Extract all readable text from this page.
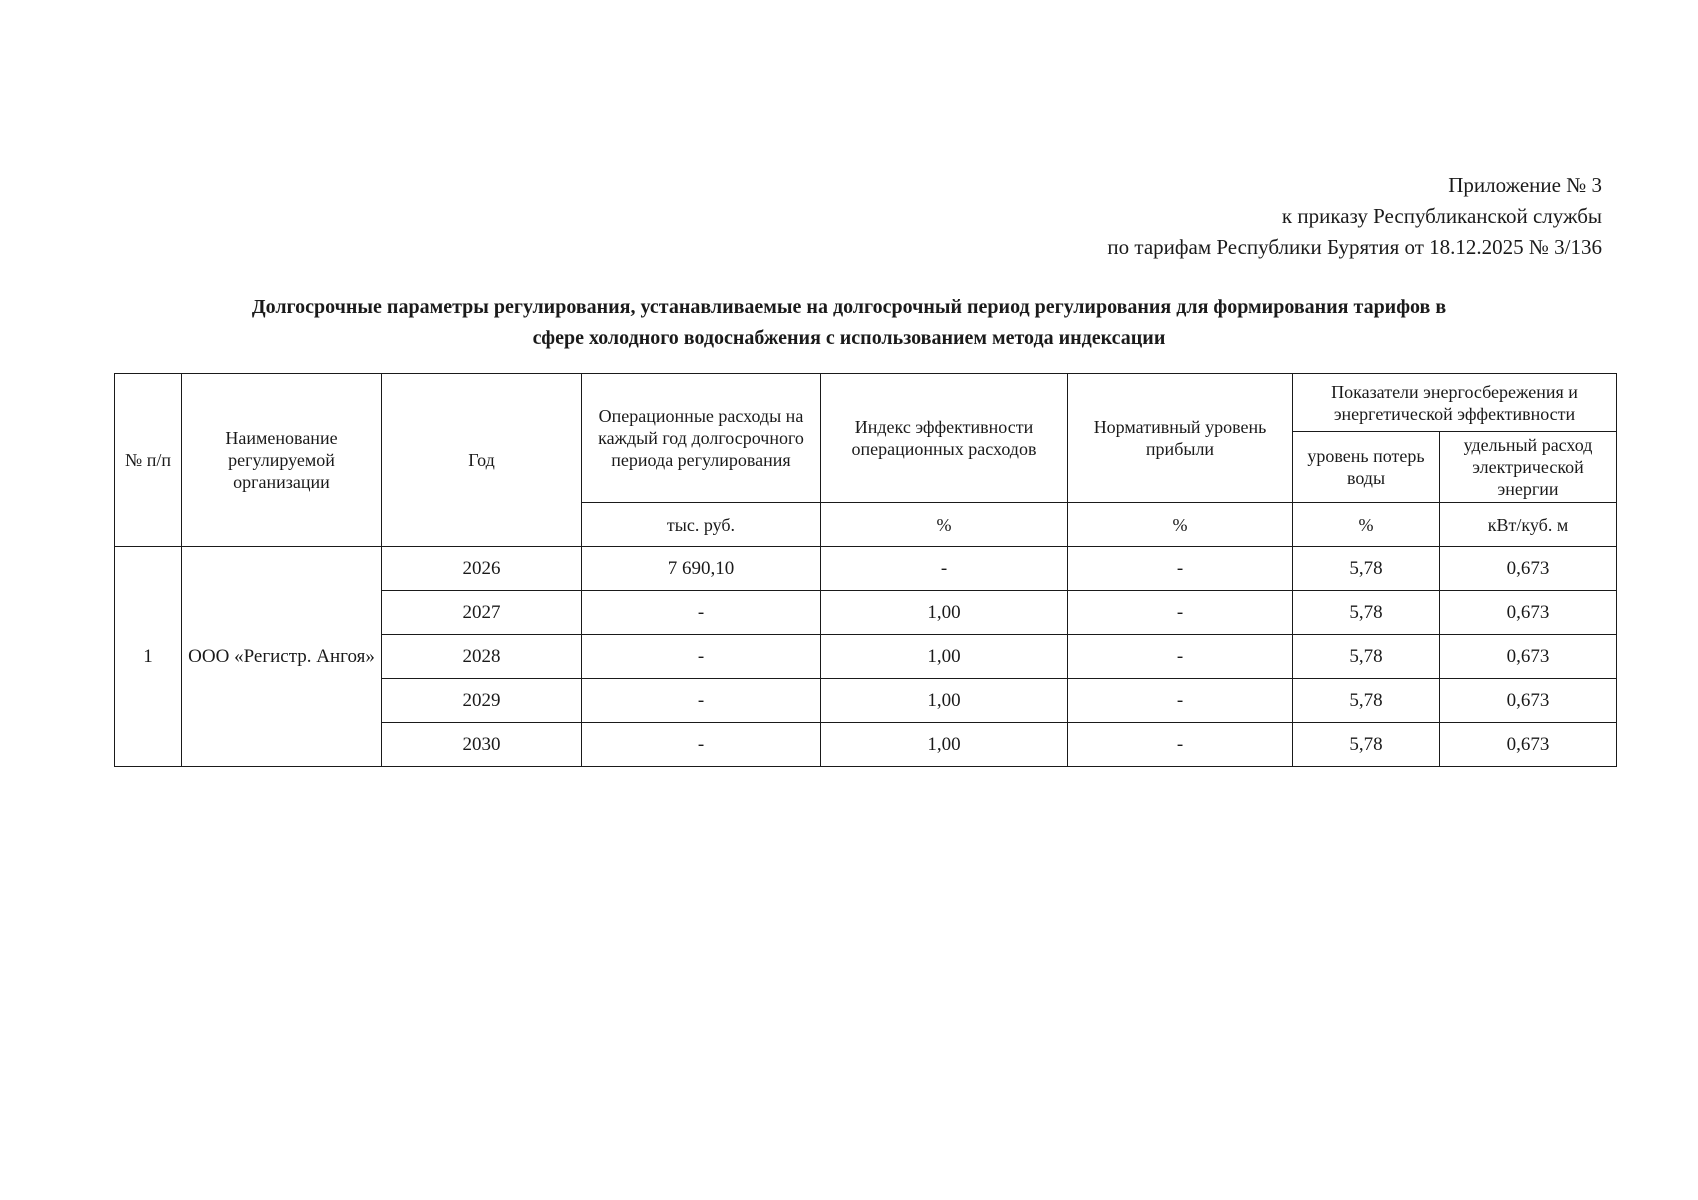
Приложение № 3
к приказу Республиканской службы
по тарифам Республики Бурятия от 18.12.2025 № 3/136
Долгосрочные параметры регулирования, устанавливаемые на долгосрочный период регулирования для формирования тарифов в
сфере холодного водоснабжения с использованием метода индексации
№ п/п	Наименование регулируемой организации	Год	Операционные расходы на каждый год долгосрочного периода регулирования	Индекс эффективности операционных расходов	Нормативный уровень прибыли	Показатели энергосбережения и энергетической эффективности	
						уровень потерь воды	удельный расход электрической энергии
			тыс. руб.	%	%	%	кВт/куб. м
1	ООО «Регистр. Ангоя»	2026	7 690,10	-	-	5,78	0,673
		2027	-	1,00	-	5,78	0,673
		2028	-	1,00	-	5,78	0,673
		2029	-	1,00	-	5,78	0,673
		2030	-	1,00	-	5,78	0,673
